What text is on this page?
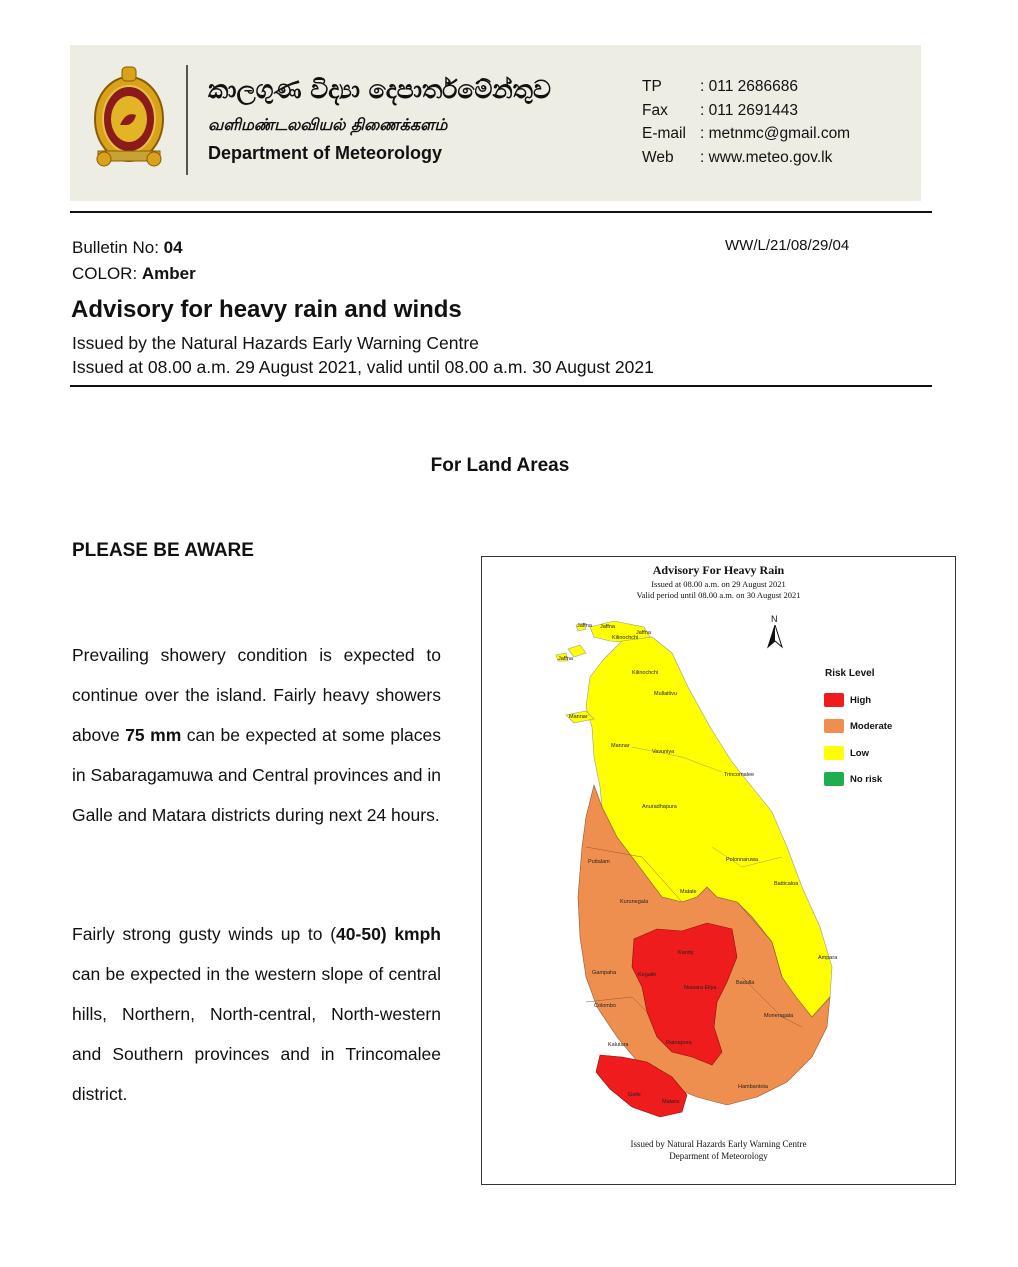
කාලගුණ විද්‍යා දෙපාර්තමේන්තුව
வளிமண்டலவியல் திணைக்களம்
Department of Meteorology
TP	: 011 2686686
Fax	: 011 2691443
E-mail : metnmc@gmail.com
Web	: www.meteo.gov.lk
Bulletin No: 04
COLOR: Amber
WW/L/21/08/29/04
Advisory for heavy rain and winds
Issued by the Natural Hazards Early Warning Centre
Issued at 08.00 a.m. 29 August 2021, valid until 08.00 a.m. 30 August 2021
For Land Areas
PLEASE BE AWARE
Prevailing showery condition is expected to continue over the island. Fairly heavy showers above 75 mm can be expected at some places in Sabaragamuwa and Central provinces and in Galle and Matara districts during next 24 hours.
Fairly strong gusty winds up to (40-50) kmph can be expected in the western slope of central hills, Northern, North-central, North-western and Southern provinces and in Trincomalee district.
Advisory For Heavy Rain
Issued at 08.00 a.m. on 29 August 2021
Valid period until 08.00 a.m. on 30 August 2021
Jaffna
Jaffna
Jaffna
Jaffna
Kilinochchi
Kilinochchi
Mullaitivu
Mannar
Mannar
Vavuniya
Trincomalee
Anuradhapura
Puttalam	Polonnaruwa
Batticaloa
Kurunegala
Matale
Kandy
Ampara
Gampaha	Kegalle
Nuwara Eliya
Badulla
Colombo
Moneragala
Kalutara	Ratnapura
Hambantota
Galle
Matara
N
Risk Level
High
Moderate
Low
No risk
Issued by Natural Hazards Early Warning Centre
Deparment of Meteorology
